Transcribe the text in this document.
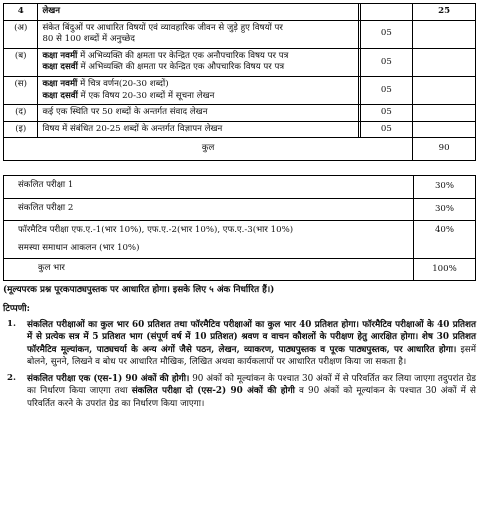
4	लेखन			25
(अ)	संकेत बिंदुओं पर आधारित विषयों एवं व्यावहारिक जीवन से जुड़े हुए विषयों पर
80 से 100 शब्दों में अनुच्छेद		05	
(ब)	कक्षा नवमीं में अभिव्यक्ति की क्षमता पर केन्द्रित एक अनौपचारिक विषय पर पत्र
कक्षा दसवीं में अभिव्यक्ति की क्षमता पर केन्द्रित एक औपचारिक विषय पर पत्र		05	
(स)	कक्षा नवमीं में चित्र वर्णन(20-30 शब्दों)
कक्षा दसवीं में एक विषय 20-30 शब्दों में सूचना लेखन		05	
(द)	कई एक स्थिति पर 50 शब्दों के अन्तर्गत संवाद लेखन		05	
(इ)	विषय में संबंधित 20-25 शब्दों के अन्तर्गत विज्ञापन लेखन		05	
कुल				90
संकलित परीक्षा 1	30%
संकलित परीक्षा 2	30%

फॉरमैटिव परीक्षा एफ.ए.-1(भार 10%), एफ.ए.-2(भार 10%), एफ.ए.-3(भार 10%)
समस्या समाधान आकलन (भार 10%)	40%
कुल भार	100%
(मूल्यपरक प्रश्न पूरकपाठ्यपुस्तक पर आधारित होगा। इसके लिए ५ अंक निर्धारित हैं।)
टिप्पणी:
1.	संकलित परीक्षाओं का कुल भार 60 प्रतिशत तथा फॉरमैटिव परीक्षाओं का कुल भार 40 प्रतिशत होगा। फॉरमैटिव परीक्षाओं के 40 प्रतिशत में से प्रत्येक सत्र में 5 प्रतिशत भाग (संपूर्ण वर्ष में 10 प्रतिशत) श्रवण व वाचन कौशलों के परीक्षण हेतु आरक्षित होगा। शेष 30 प्रतिशत फॉरमैटिव मूल्यांकन, पाठ्यचर्या के अन्य अंगों जैसे पठन, लेखन, व्याकरण, पाठ्यपुस्तक व पूरक पाठ्यपुस्तक, पर आधारित होगा। इसमें बोलने, सुनने, लिखने व बोध पर आधारित मौखिक, लिखित अथवा कार्यकलापों पर आधारित परीक्षण किया जा सकता है।
2.	संकलित परीक्षा एक (एस-1) 90 अंकों की होगी। 90 अंकों को मूल्यांकन के पश्चात 30 अंकों में से परिवर्तित कर लिया जाएगा तदुपरांत ग्रेड का निर्धारण किया जाएगा तथा संकलित परीक्षा दो (एस-2) 90 अंकों की होगी व 90 अंकों को मूल्यांकन के पश्चात 30 अंकों में से परिवर्तित करने के उपरांत ग्रेड का निर्धारण किया जाएगा।
